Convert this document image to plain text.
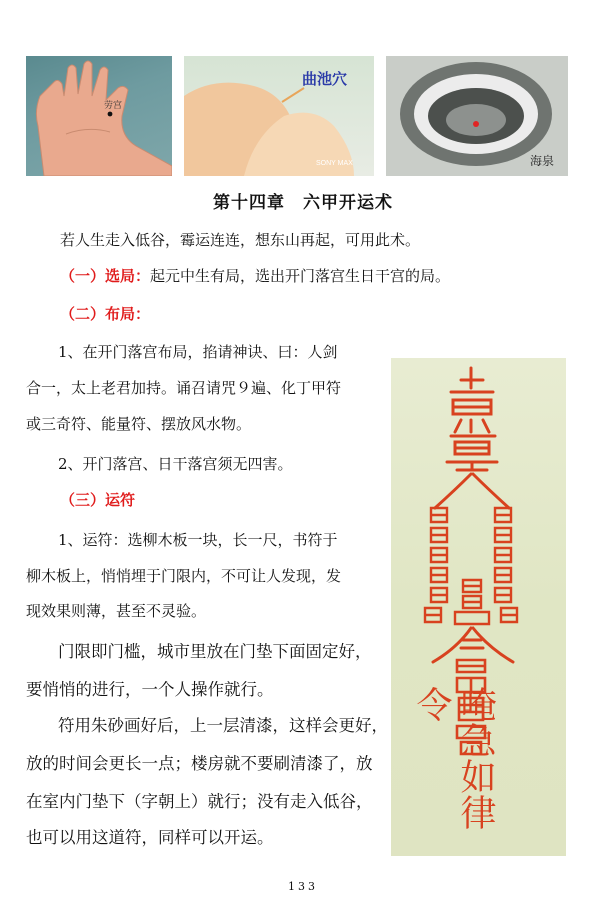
劳宫
曲池穴
SONY MAX	海泉
第十四章　六甲开运术
若人生走入低谷，霉运连连，想东山再起，可用此术。
（一）选局：起元中生有局，选出开门落宫生日干宫的局。
（二）布局：
1、在开门落宫布局，掐请神诀、曰：人剑
合一，太上老君加持。诵召请咒９遍、化丁甲符
或三奇符、能量符、摆放风水物。
2、开门落宫、日干落宫须无四害。
（三）运符
1、运符：选柳木板一块，长一尺，书符于
柳木板上，悄悄埋于门限内，不可让人发现，发
现效果则薄，甚至不灵验。
门限即门槛，城市里放在门垫下面固定好，
要悄悄的进行，一个人操作就行。
符用朱砂画好后，上一层清漆，这样会更好，
放的时间会更长一点；楼房就不要刷清漆了，放
在室内门垫下（字朝上）就行；没有走入低谷，
也可以用这道符，同样可以开运。
唵急如律令
133
